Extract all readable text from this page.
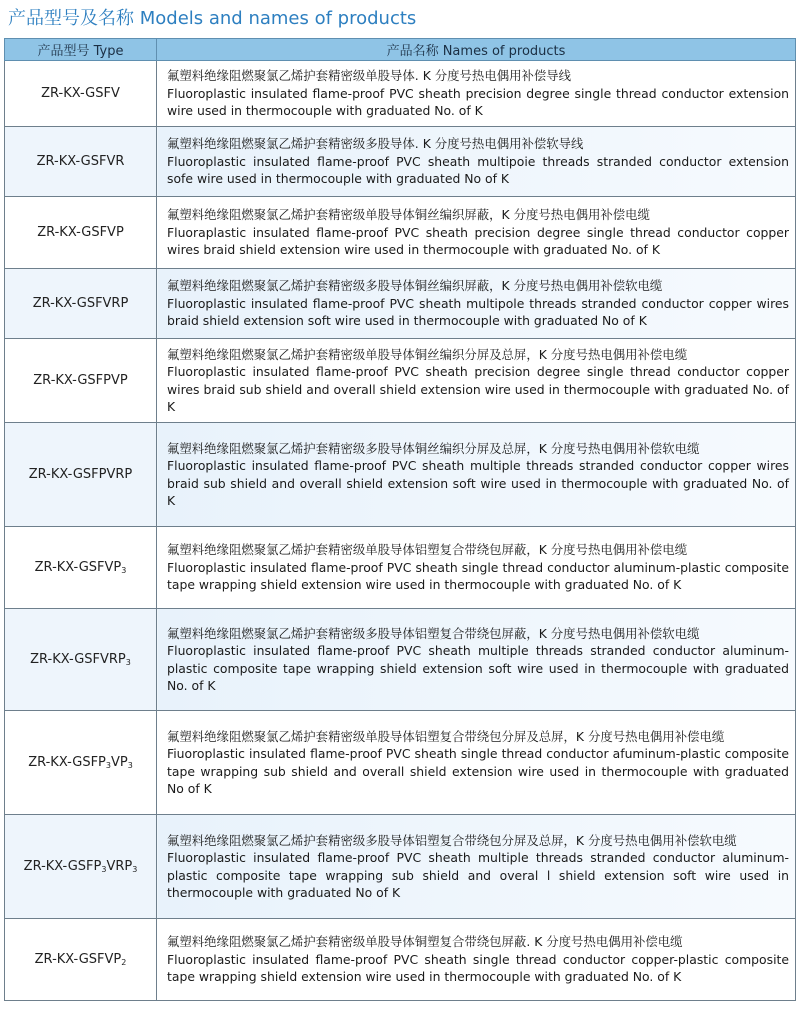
产品型号及名称 Models and names of products
产品型号 Type	产品名称 Names of products
ZR-KX-GSFV	氟塑料绝缘阻燃聚氯乙烯护套精密级单股导体. K 分度号热电偶用补偿导线
Fluoroplastic insulated flame-proof PVC sheath precision degree single thread conductor extension wire used in thermocouple with graduated No. of K

ZR-KX-GSFVR	氟塑料绝缘阻燃聚氯乙烯护套精密级多股导体. K 分度号热电偶用补偿软导线
Fluoroplastic insulated flame-proof PVC sheath multipoie threads stranded conductor extension sofe wire used in thermocouple with graduated No of K

ZR-KX-GSFVP	氟塑料绝缘阻燃聚氯乙烯护套精密级单股导体铜丝编织屏蔽，K 分度号热电偶用补偿电缆
Fluoraplastic insulated flame-proof PVC sheath precision degree single thread conductor copper wires braid shield extension wire used in thermocouple with graduated No. of K

ZR-KX-GSFVRP	氟塑料绝缘阻燃聚氯乙烯护套精密级多股导体铜丝编织屏蔽，K 分度号热电偶用补偿软电缆
Fluoroplastic insulated flame-proof PVC sheath multipole threads stranded conductor copper wires braid shield extension soft wire used in thermocouple with graduated No of K

ZR-KX-GSFPVP	氟塑料绝缘阻燃聚氯乙烯护套精密级单股导体铜丝编织分屏及总屏，K 分度号热电偶用补偿电缆
Fluoroplastic insulated flame-proof PVC sheath precision degree single thread conductor copper wires braid sub shield and overall shield extension wire used in thermocouple with graduated No. of K

ZR-KX-GSFPVRP	氟塑料绝缘阻燃聚氯乙烯护套精密级多股导体铜丝编织分屏及总屏，K 分度号热电偶用补偿软电缆
Fluoroplastic insulated flame-proof PVC sheath multiple threads stranded conductor copper wires braid sub shield and overall shield extension soft wire used in thermocouple with graduated No. of K

$ZR-KX-GSFVP_3$	氟塑料绝缘阻燃聚氯乙烯护套精密级单股导体铝塑复合带绕包屏蔽，K 分度号热电偶用补偿电缆
Fluoroplastic insulated flame-proof PVC sheath single thread conductor aluminum-plastic composite tape wrapping shield extension wire used in thermocouple with graduated No. of K

$ZR-KX-GSFVRP_3$	氟塑料绝缘阻燃聚氯乙烯护套精密级多股导体铝塑复合带绕包屏蔽，K 分度号热电偶用补偿软电缆
Fluoroplastic insulated flame-proof PVC sheath multiple threads stranded conductor aluminum-plastic composite tape wrapping shield extension soft wire used in thermocouple with graduated No. of K

$ZR-KX-GSFP_3VP_3$	氟塑料绝缘阻燃聚氯乙烯护套精密级单股导体铝塑复合带绕包分屏及总屏，K 分度号热电偶用补偿电缆
Fiuoroplastic insulated flame-proof PVC sheath single thread conductor afuminum-plastic composite tape wrapping sub shield and overall shield extension wire used in thermocouple with graduated No of K

$ZR-KX-GSFP_3VRP_3$	氟塑料绝缘阻燃聚氯乙烯护套精密级多股导体铝塑复合带绕包分屏及总屏，K 分度号热电偶用补偿软电缆
Fluoroplastic insulated flame-proof PVC sheath multiple threads stranded conductor aluminum-plastic composite tape wrapping sub shield and overal l shield extension soft wire used in thermocouple with graduated No of K

$ZR-KX-GSFVP_2$	氟塑料绝缘阻燃聚氯乙烯护套精密级单股导体铜塑复合带绕包屏蔽. K 分度号热电偶用补偿电缆
Fluoroplastic insulated flame-proof PVC sheath single thread conductor copper-plastic composite tape wrapping shield extension wire used in thermocouple with graduated No. of K
